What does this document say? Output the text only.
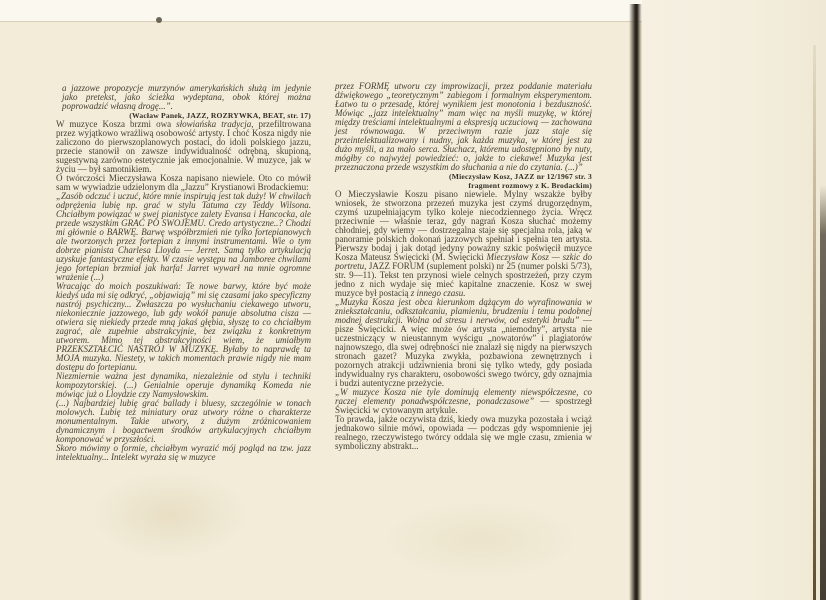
a jazzowe propozycje murzynów amerykańskich służą im jedynie jako pretekst, jako ścieżka wydeptana, obok której można poprowadzić własną drogę...”.

(Wacław Panek, JAZZ, ROZRYWKA, BEAT, str. 17)

W muzyce Kosza brzmi owa słowiańska tradycja, przefiltrowana przez wyjątkowo wrażliwą osobowość artysty. I choć Kosza nigdy nie zaliczono do pierwszoplanowych postaci, do idoli polskiego jazzu, przecie stanowił on zawsze indywidualność odrębną, skupioną, sugestywną zarówno estetycznie jak emocjonalnie. W muzyce, jak w życiu — był samotnikiem.

O twórczości Mieczysława Kosza napisano niewiele. Oto co mówił sam w wywiadzie udzielonym dla „Jazzu” Krystianowi Brodackiemu:

„Zasób odczuć i uczuć, które mnie inspirują jest tak duży! W chwilach odprężenia lubię np. grać w stylu Tatuma czy Teddy Wilsona. Chciałbym powiązać w swej pianistyce zalety Evansa i Hancocka, ale przede wszystkim GRAĆ PO SWOJEMU. Credo artystyczne..? Chodzi mi głównie o BARWĘ. Barwę współbrzmień nie tylko fortepianowych ale tworzonych przez fortepian z innymi instrumentami. Wie o tym dobrze pianista Charlesa Lloyda — Jerret. Samą tylko artykulacją uzyskuje fantastyczne efekty. W czasie występu na Jamboree chwilami jego fortepian brzmiał jak harfa! Jarret wywarł na mnie ogromne wrażenie (...)

Wracając do moich poszukiwań: Te nowe barwy, które być może kiedyś uda mi się odkryć, „objawiają” mi się czasami jako specyficzny nastrój psychiczny... Zwłaszcza po wysłuchaniu ciekawego utworu, niekoniecznie jazzowego, lub gdy wokół panuje absolutna cisza — otwiera się niekiedy przede mną jakaś głębia, słyszę to co chciałbym zagrać, ale zupełnie abstrakcyjnie, bez związku z konkretnym utworem. Mimo tej abstrakcyjności wiem, że umiałbym PRZEKSZTAŁCIĆ NASTRÓJ W MUZYKĘ. Byłaby to naprawdę ta MOJA muzyka. Niestety, w takich momentach prawie nigdy nie mam dostępu do fortepianu.

Niezmiernie ważna jest dynamika, niezależnie od stylu i techniki kompozytorskiej. (...) Genialnie operuje dynamiką Komeda nie mówiąc już o Lloydzie czy Namysłowskim.

(...) Najbardziej lubię grać ballady i bluesy, szczególnie w tonach molowych. Lubię też miniatury oraz utwory różne o charakterze monumentalnym. Takie utwory, z dużym zróżnicowaniem dynamicznym i bogactwem środków artykulacyjnych chciałbym komponować w przyszłości.

Skoro mówimy o formie, chciałbym wyrazić mój pogląd na tzw. jazz intelektualny... Intelekt wyraża się w muzyce

przez FORMĘ utworu czy improwizacji, przez poddanie materiału dźwiękowego „teoretycznym” zabiegom i formalnym eksperymentom. Łatwo tu o przesadę, której wynikiem jest monotonia i bezduszność. Mówiąc „jazz intelektualny” mam więc na myśli muzykę, w której między treściami intelektualnymi a ekspresją uczuciową — zachowana jest równowaga. W przeciwnym razie jazz staje się przeintelektualizowany i nudny, jak każda muzyka, w której jest za dużo myśli, a za mało serca. Słuchacz, któremu udostępniono by nuty, mógłby co najwyżej powiedzieć: o, jakże to ciekawe! Muzyka jest przeznaczona przede wszystkim do słuchania a nie do czytania. (...)”

(Mieczysław Kosz, JAZZ nr 12/1967 str. 3
fragment rozmowy z K. Brodackim)

O Mieczysławie Koszu pisano niewiele. Mylny wszakże byłby wniosek, że stworzona przezeń muzyka jest czymś drugorzędnym, czymś uzupełniającym tylko koleje niecodziennego życia. Wręcz przeciwnie — właśnie teraz, gdy nagrań Kosza słuchać możemy chłodniej, gdy wiemy — dostrzegalna staje się specjalna rola, jaką w panoramie polskich dokonań jazzowych spełniał i spełnia ten artysta. Pierwszy bodaj i jak dotąd jedyny poważny szkic poświęcił muzyce Kosza Mateusz Święcicki (M. Święcicki Mieczysław Kosz — szkic do portretu, JAZZ FORUM (suplement polski) nr 25 (numer polski 5/73), str. 9—11). Tekst ten przynosi wiele celnych spostrzeżeń, przy czym jedno z nich wydaje się mieć kapitalne znaczenie. Kosz w swej muzyce był postacią z innego czasu.

„Muzyka Kosza jest obca kierunkom dążącym do wyrafinowania w zniekształcaniu, odkształcaniu, plamieniu, brudzeniu i temu podobnej modnej destrukcji. Wolna od stresu i nerwów, od estetyki brudu” — pisze Święcicki. A więc może ów artysta „niemodny”, artysta nie uczestniczący w nieustannym wyścigu „nowatorów” i plagiatorów najnowszego, dla swej odrębności nie znalazł się nigdy na pierwszych stronach gazet? Muzyka zwykła, pozbawiona zewnętrznych i pozornych atrakcji udziwnienia broni się tylko wtedy, gdy posiada indywidualny rys charakteru, osobowości swego twórcy, gdy oznajmia i budzi autentyczne przeżycie.

„W muzyce Kosza nie tyle dominują elementy niewspółczesne, co raczej elementy ponadwspółczesne, ponadczasowe” — spostrzegł Święcicki w cytowanym artykule.

To prawda, jakże oczywista dziś, kiedy owa muzyka pozostała i wciąż jednakowo silnie mówi, opowiada — podczas gdy wspomnienie jej realnego, rzeczywistego twórcy oddala się we mgle czasu, zmienia w symboliczny abstrakt...
